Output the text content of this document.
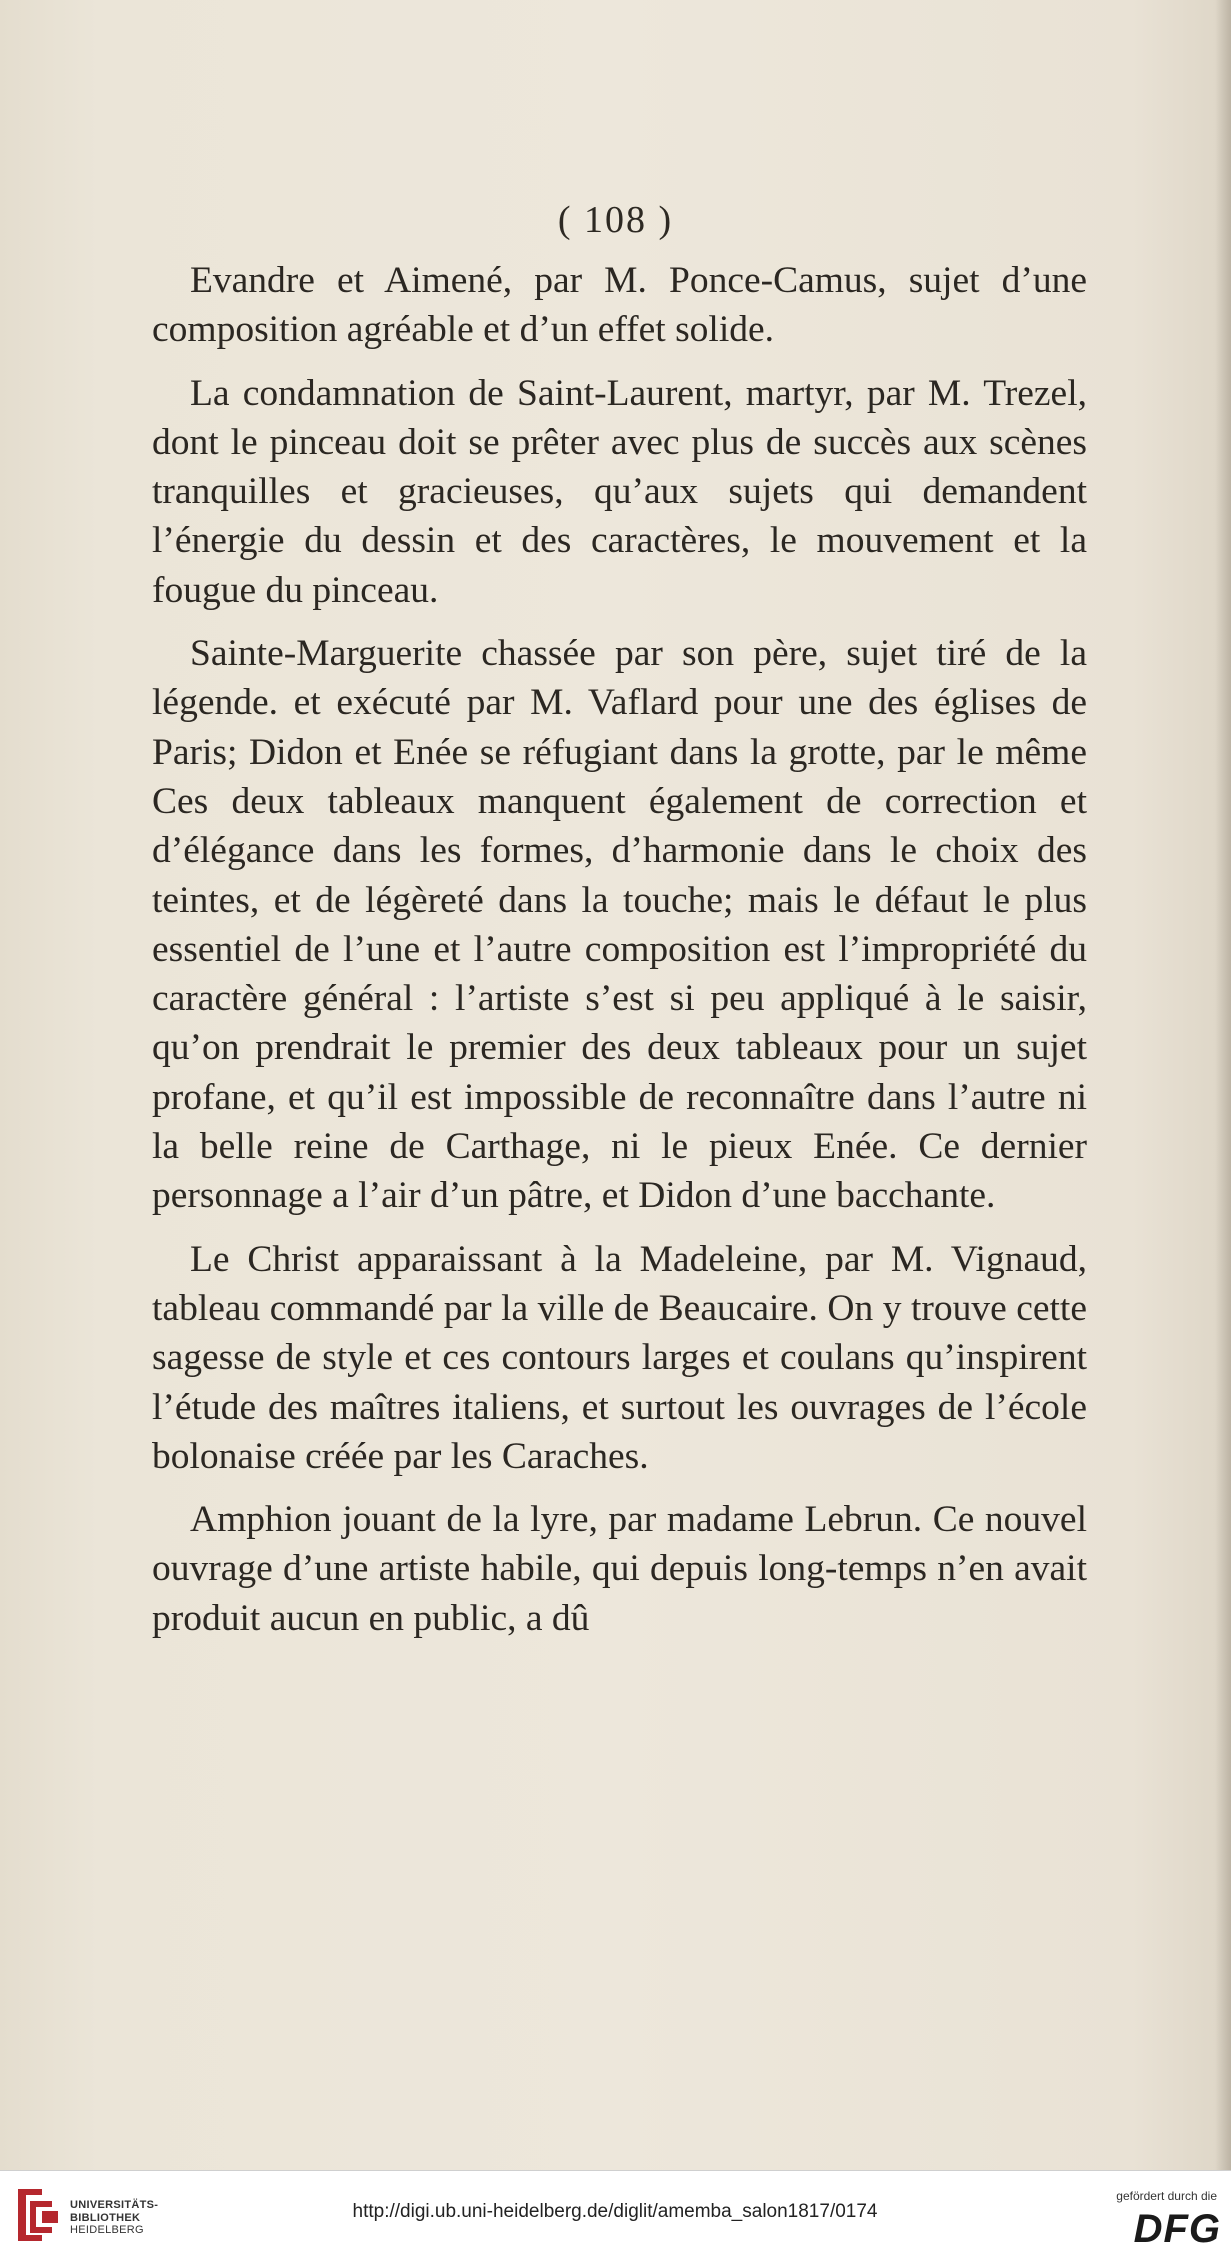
( 108 )

Evandre et Aimené, par M. Ponce-Camus, sujet d’une composition agréable et d’un effet solide.

La condamnation de Saint-Laurent, martyr, par M. Trezel, dont le pinceau doit se prêter avec plus de succès aux scènes tranquilles et gracieuses, qu’aux sujets qui demandent l’énergie du dessin et des caractères, le mouvement et la fougue du pinceau.

Sainte-Marguerite chassée par son père, sujet tiré de la légende. et exécuté par M. Vaflard pour une des églises de Paris; Didon et Enée se réfugiant dans la grotte, par le même Ces deux tableaux manquent également de correction et d’élégance dans les formes, d’harmonie dans le choix des teintes, et de légèreté dans la touche; mais le défaut le plus essentiel de l’une et l’autre composition est l’impropriété du caractère général : l’artiste s’est si peu appliqué à le saisir, qu’on prendrait le premier des deux tableaux pour un sujet profane, et qu’il est impossible de reconnaître dans l’autre ni la belle reine de Carthage, ni le pieux Enée. Ce dernier personnage a l’air d’un pâtre, et Didon d’une bacchante.

Le Christ apparaissant à la Madeleine, par M. Vignaud, tableau commandé par la ville de Beaucaire. On y trouve cette sagesse de style et ces contours larges et coulans qu’inspirent l’étude des maîtres italiens, et surtout les ouvrages de l’école bolonaise créée par les Caraches.

Amphion jouant de la lyre, par madame Lebrun. Ce nouvel ouvrage d’une artiste habile, qui depuis long-temps n’en avait produit aucun en public, a dû

UNIVERSITÄTS-
BIBLIOTHEK
HEIDELBERG
http://digi.ub.uni-heidelberg.de/diglit/amemba_salon1817/0174
gefördert durch die
DFG
